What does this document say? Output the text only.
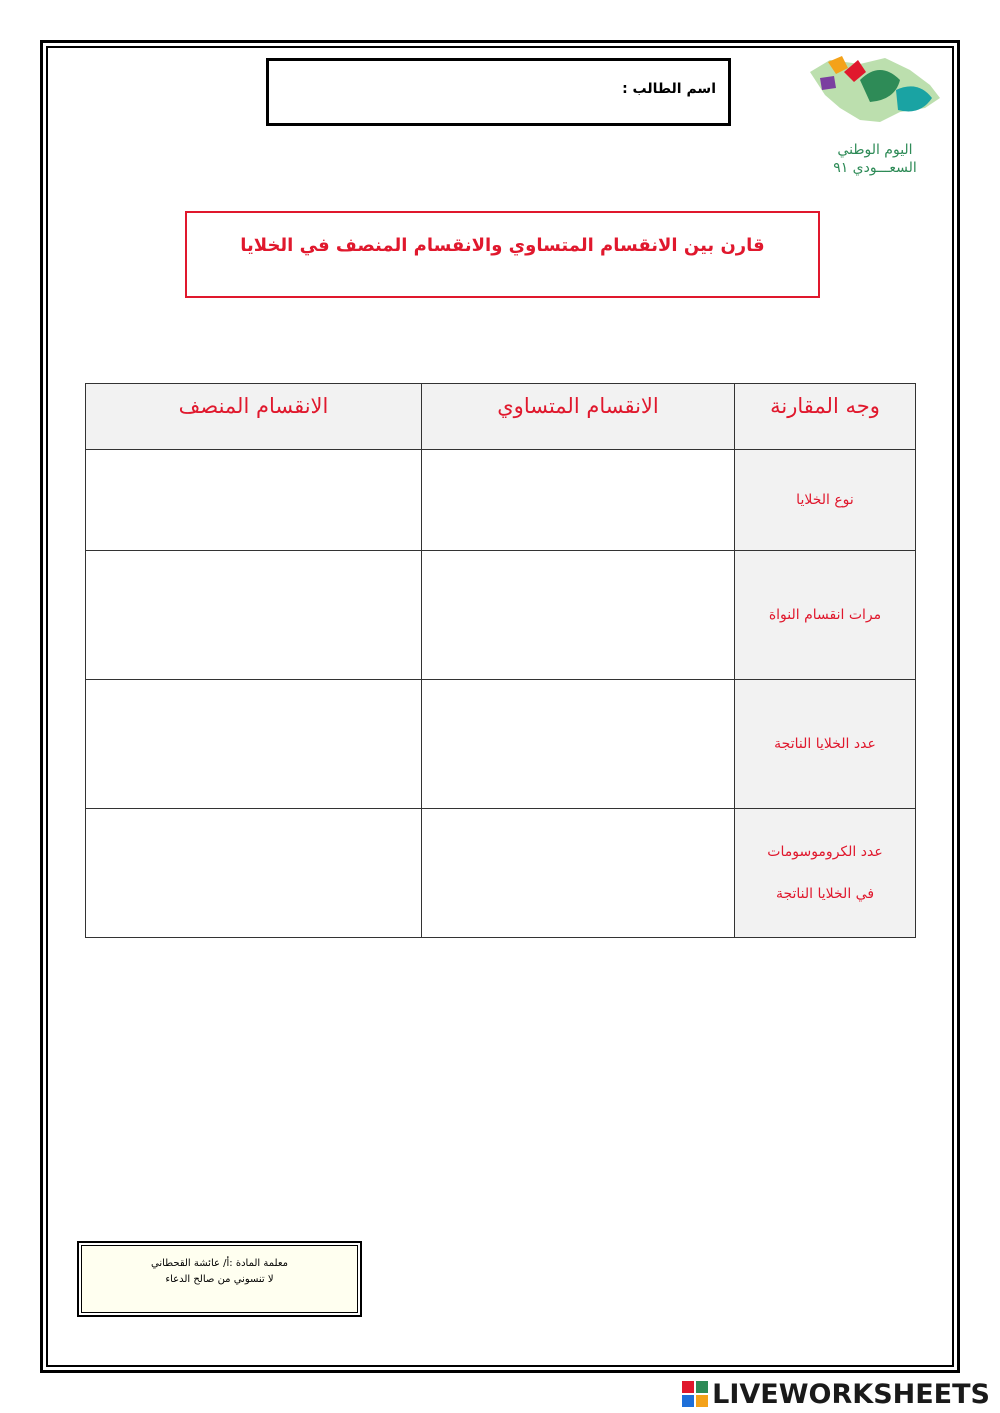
اسم الطالب :
اليوم الوطني
السعـــودي ٩١
قارن بين الانقسام المتساوي والانقسام المنصف في الخلايا
وجه المقارنة	الانقسام المتساوي	الانقسام المنصف
نوع الخلايا		
مرات انقسام النواة		
عدد الخلايا الناتجة		

عدد الكروموسومات
في الخلايا الناتجة		

معلمة المادة :أ/ عائشة القحطاني
لا تنسوني من صالح الدعاء
LIVEWORKSHEETS
